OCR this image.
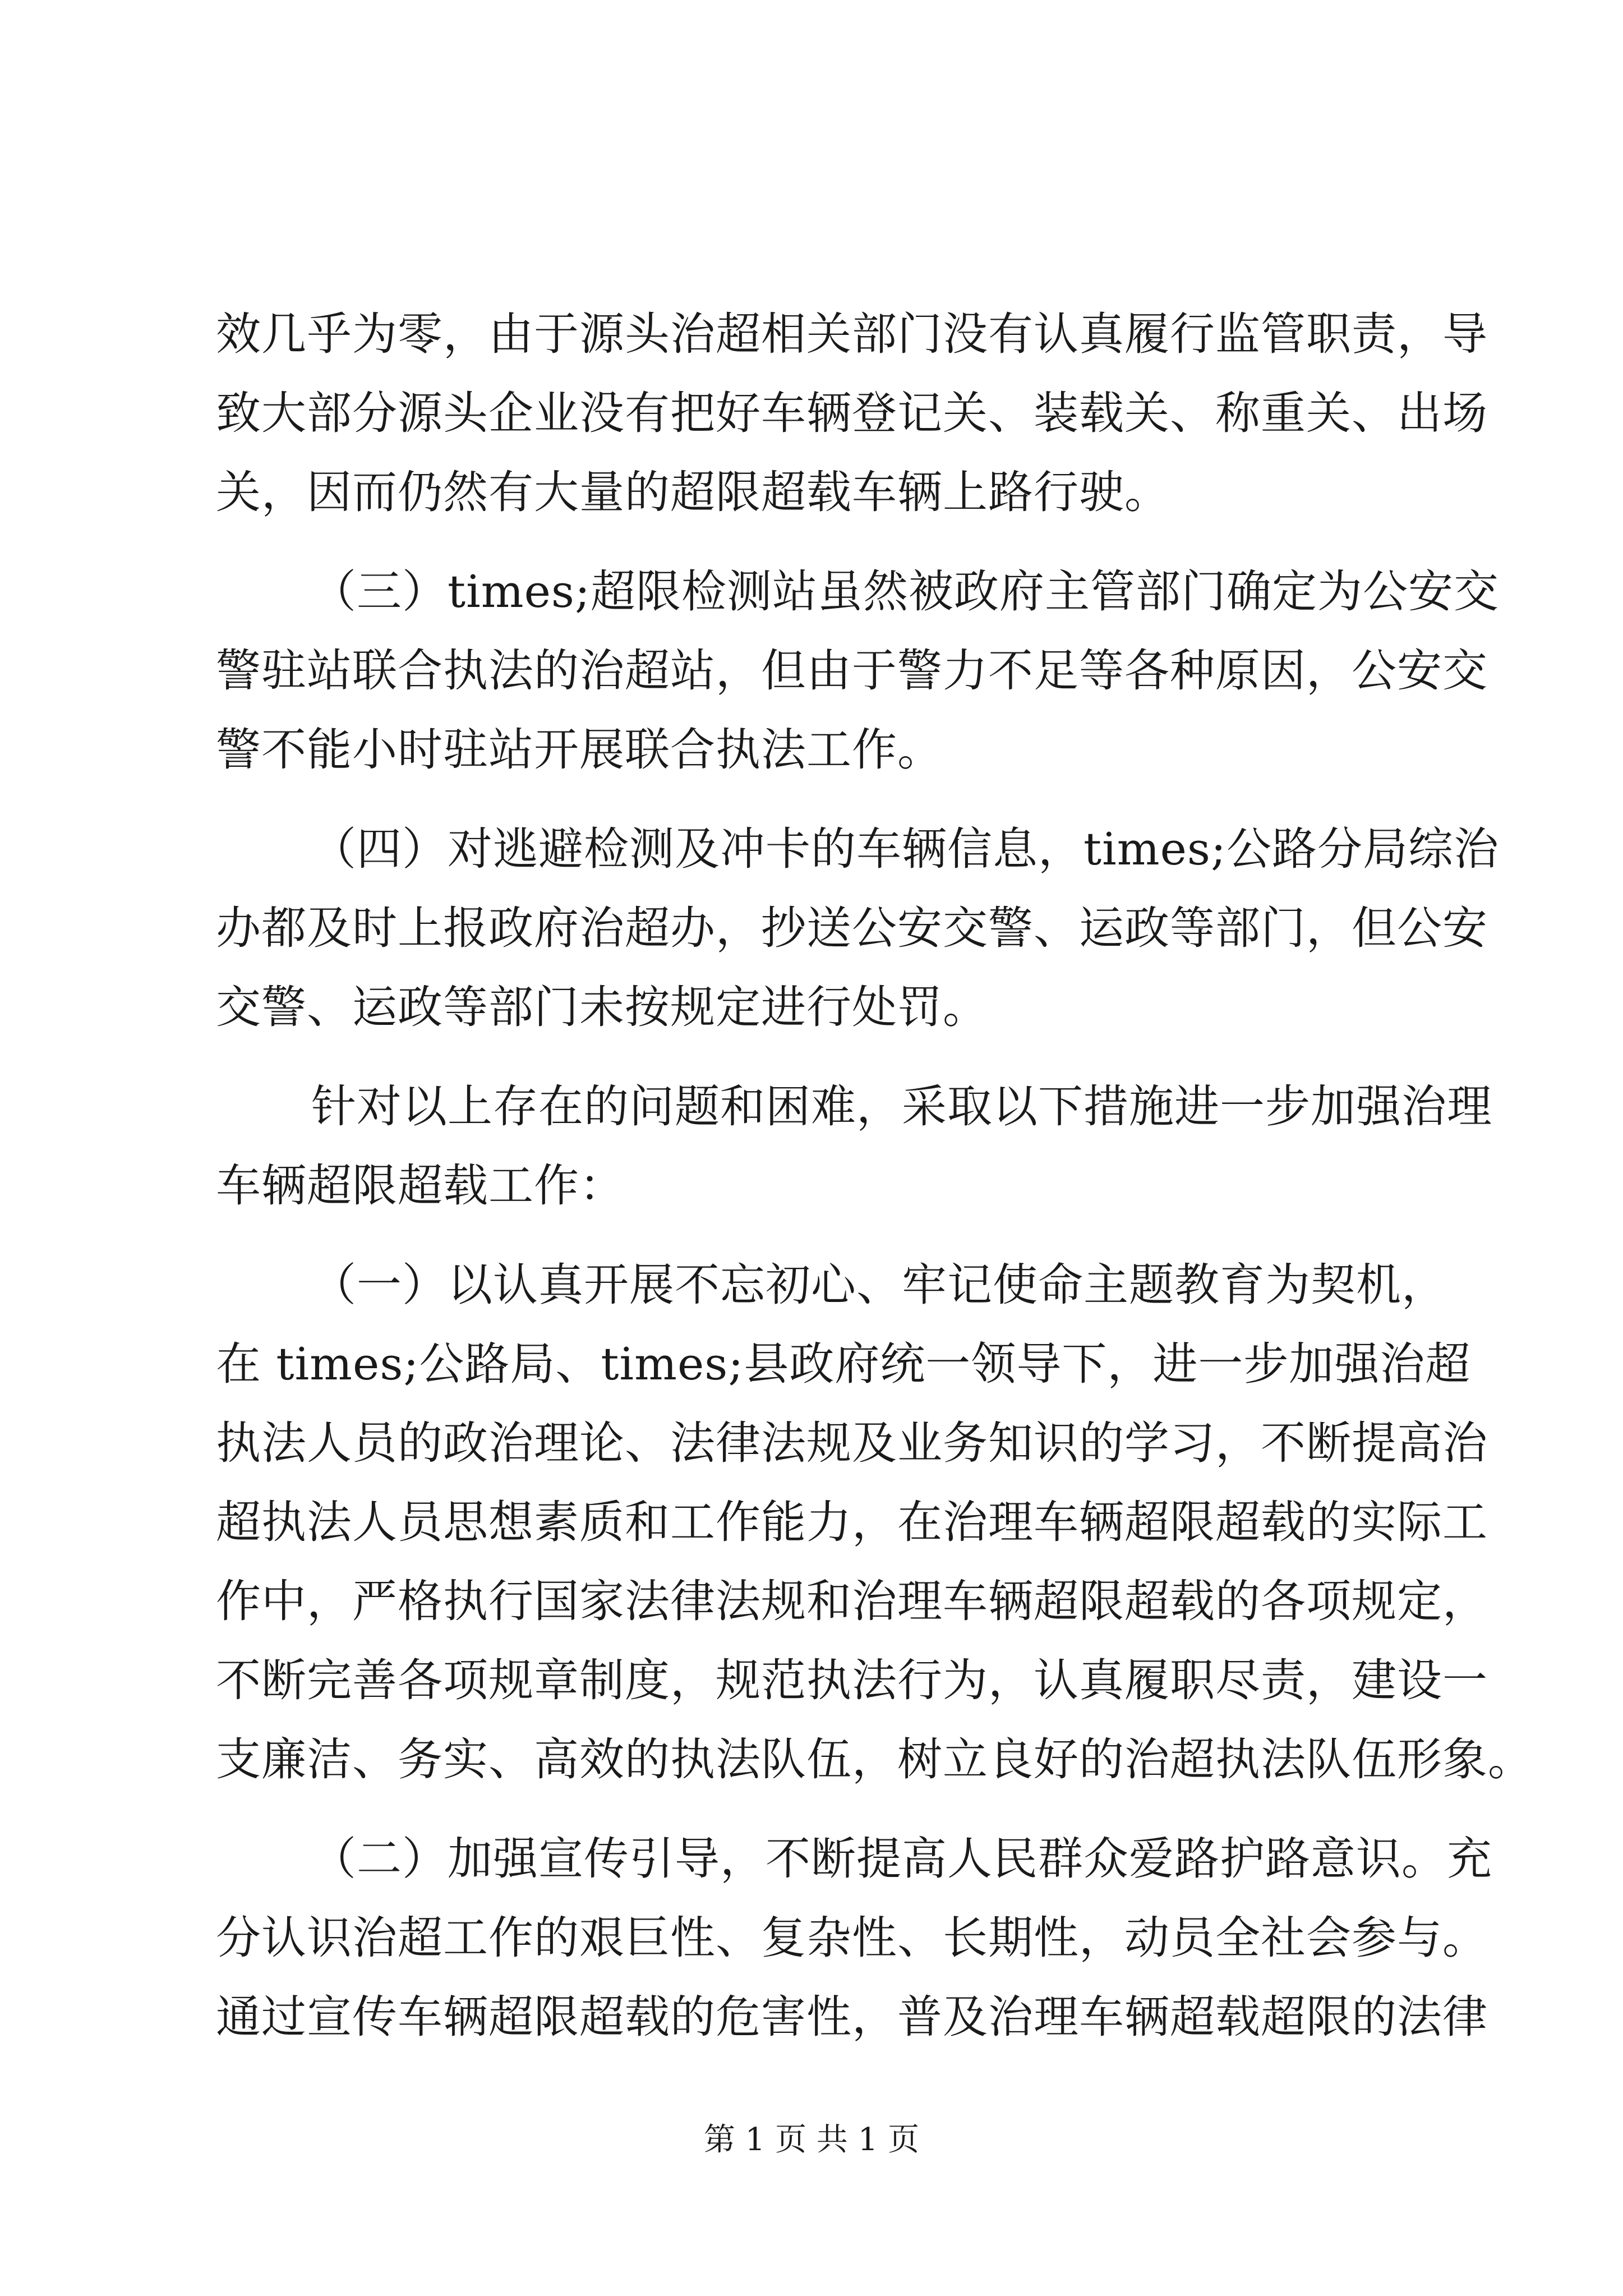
效几乎为零，由于源头治超相关部门没有认真履行监管职责，导
致大部分源头企业没有把好车辆登记关、装载关、称重关、出场
关，因而仍然有大量的超限超载车辆上路行驶。
（三）times;超限检测站虽然被政府主管部门确定为公安交
警驻站联合执法的治超站，但由于警力不足等各种原因，公安交
警不能小时驻站开展联合执法工作。
（四）对逃避检测及冲卡的车辆信息，times;公路分局综治
办都及时上报政府治超办，抄送公安交警、运政等部门，但公安
交警、运政等部门未按规定进行处罚。
针对以上存在的问题和困难，采取以下措施进一步加强治理
车辆超限超载工作：
（一）以认真开展不忘初心、牢记使命主题教育为契机，
在 times;公路局、times;县政府统一领导下，进一步加强治超
执法人员的政治理论、法律法规及业务知识的学习，不断提高治
超执法人员思想素质和工作能力，在治理车辆超限超载的实际工
作中，严格执行国家法律法规和治理车辆超限超载的各项规定，
不断完善各项规章制度，规范执法行为，认真履职尽责，建设一
支廉洁、务实、高效的执法队伍，树立良好的治超执法队伍形象。
（二）加强宣传引导，不断提高人民群众爱路护路意识。充
分认识治超工作的艰巨性、复杂性、长期性，动员全社会参与。
通过宣传车辆超限超载的危害性，普及治理车辆超载超限的法律
第 1 页 共 1 页
